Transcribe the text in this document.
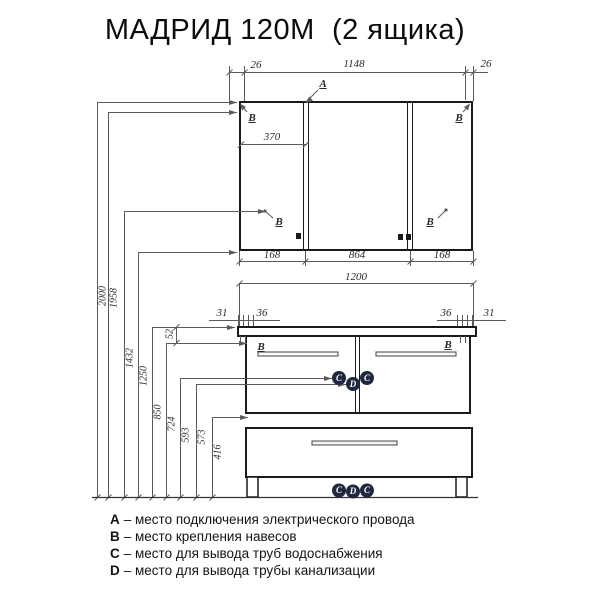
МАДРИД 120М  (2 ящика)
26	1148	26
A
B	B
370
B	B
168	864	168
1200
31	36	36	31
52
B	B
2000 1958
1432
1250
850
724
593 573
416
C
D
C
C D C
A – место подключения электрического провода
B – место крепления навесов
C – место для вывода труб водоснабжения
D – место для вывода трубы канализации
